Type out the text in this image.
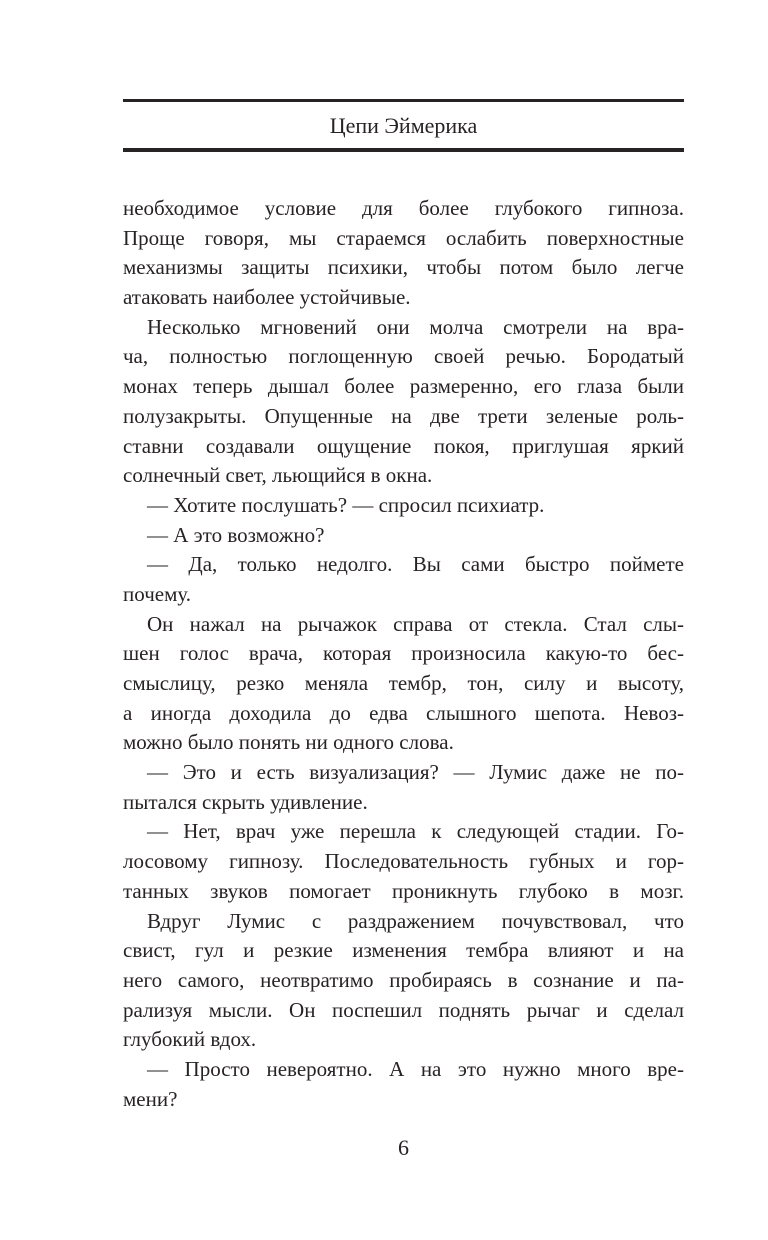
Цепи Эймерика
необходимое условие для более глубокого гипноза.
Проще говоря, мы стараемся ослабить поверхностные
механизмы защиты психики, чтобы потом было легче
атаковать наиболее устойчивые.
Несколько мгновений они молча смотрели на вра-
ча, полностью поглощенную своей речью. Бородатый
монах теперь дышал более размеренно, его глаза были
полузакрыты. Опущенные на две трети зеленые роль-
ставни создавали ощущение покоя, приглушая яркий
солнечный свет, льющийся в окна.
— Хотите послушать? — спросил психиатр.
— А это возможно?
— Да, только недолго. Вы сами быстро поймете
почему.
Он нажал на рычажок справа от стекла. Стал слы-
шен голос врача, которая произносила какую-то бес-
смыслицу, резко меняла тембр, тон, силу и высоту,
а иногда доходила до едва слышного шепота. Невоз-
можно было понять ни одного слова.
— Это и есть визуализация? — Лумис даже не по-
пытался скрыть удивление.
— Нет, врач уже перешла к следующей стадии. Го-
лосовому гипнозу. Последовательность губных и гор-
танных звуков помогает проникнуть глубоко в мозг.
Вдруг Лумис с раздражением почувствовал, что
свист, гул и резкие изменения тембра влияют и на
него самого, неотвратимо пробираясь в сознание и па-
рализуя мысли. Он поспешил поднять рычаг и сделал
глубокий вдох.
— Просто невероятно. А на это нужно много вре-
мени?
6
